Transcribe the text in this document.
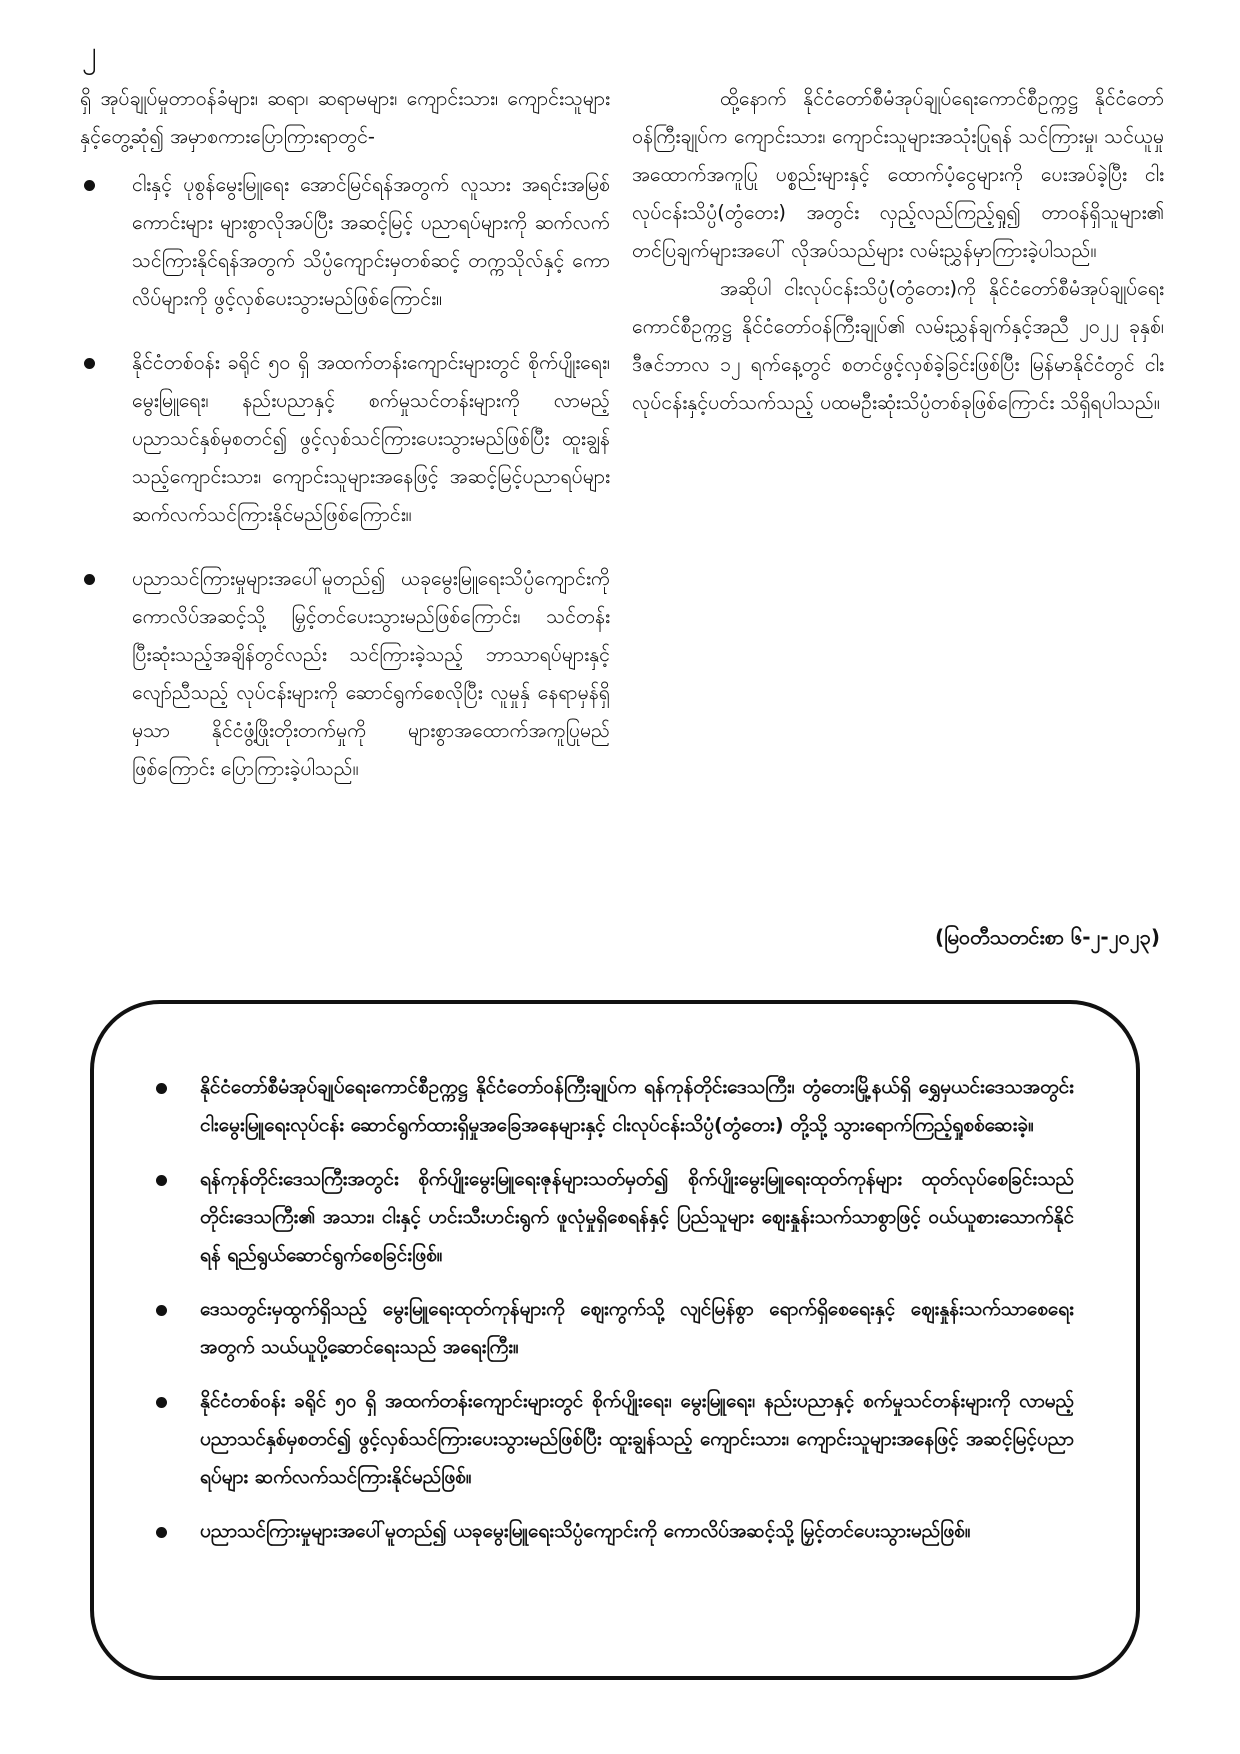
၂

ရှိ အုပ်ချုပ်မှုတာဝန်ခံများ၊ ဆရာ၊ ဆရာမများ၊ ကျောင်းသား၊ ကျောင်းသူများနှင့်တွေ့ဆုံ၍ အမှာစကားပြောကြားရာတွင်-

ငါးနှင့် ပုစွန်မွေးမြူရေး အောင်မြင်ရန်အတွက် လူသား အရင်းအမြစ်ကောင်းများ များစွာလိုအပ်ပြီး အဆင့်မြင့် ပညာရပ်များကို ဆက်လက်သင်ကြားနိုင်ရန်အတွက် သိပ္ပံကျောင်းမှတစ်ဆင့် တက္ကသိုလ်နှင့် ကောလိပ်များကို ဖွင့်လှစ်ပေးသွားမည်ဖြစ်ကြောင်း။
နိုင်ငံတစ်ဝန်း ခရိုင် ၅၀ ရှိ အထက်တန်းကျောင်းများတွင် စိုက်ပျိုးရေး၊ မွေးမြူရေး၊ နည်းပညာနှင့် စက်မှုသင်တန်းများကို လာမည့်ပညာသင်နှစ်မှစတင်၍ ဖွင့်လှစ်သင်ကြားပေးသွားမည်ဖြစ်ပြီး ထူးချွန်သည့်ကျောင်းသား၊ ကျောင်းသူများအနေဖြင့် အဆင့်မြင့်ပညာရပ်များ ဆက်လက်သင်ကြားနိုင်မည်ဖြစ်ကြောင်း။
ပညာသင်ကြားမှုများအပေါ်မူတည်၍ ယခုမွေးမြူရေးသိပ္ပံကျောင်းကို ကောလိပ်အဆင့်သို့ မြှင့်တင်ပေးသွားမည်ဖြစ်ကြောင်း၊ သင်တန်းပြီးဆုံးသည့်အချိန်တွင်လည်း သင်ကြားခဲ့သည့် ဘာသာရပ်များနှင့်လျော်ညီသည့် လုပ်ငန်းများကို ဆောင်ရွက်စေလိုပြီး လူမှုနှ် နေရာမှန်ရှိမှသာ နိုင်ငံဖွံ့ဖြိုးတိုးတက်မှုကို များစွာအထောက်အကူပြုမည်ဖြစ်ကြောင်း ပြောကြားခဲ့ပါသည်။

ထို့နောက် နိုင်ငံတော်စီမံအုပ်ချုပ်ရေးကောင်စီဥက္ကဋ္ဌ နိုင်ငံတော်ဝန်ကြီးချုပ်က ကျောင်းသား၊ ကျောင်းသူများအသုံးပြုရန် သင်ကြားမှု၊ သင်ယူမှုအထောက်အကူပြု ပစ္စည်းများနှင့် ထောက်ပံ့ငွေများကို ပေးအပ်ခဲ့ပြီး ငါးလုပ်ငန်းသိပ္ပံ(တွံတေး) အတွင်း လှည့်လည်ကြည့်ရှု၍ တာဝန်ရှိသူများ၏ တင်ပြချက်များအပေါ် လိုအပ်သည်များ လမ်းညွှန်မှာကြားခဲ့ပါသည်။

အဆိုပါ ငါးလုပ်ငန်းသိပ္ပံ(တွံတေး)ကို နိုင်ငံတော်စီမံအုပ်ချုပ်ရေးကောင်စီဥက္ကဋ္ဌ နိုင်ငံတော်ဝန်ကြီးချုပ်၏ လမ်းညွှန်ချက်နှင့်အညီ ၂၀၂၂ ခုနှစ်၊ ဒီဇင်ဘာလ ၁၂ ရက်နေ့တွင် စတင်ဖွင့်လှစ်ခဲ့ခြင်းဖြစ်ပြီး မြန်မာနိုင်ငံတွင် ငါးလုပ်ငန်းနှင့်ပတ်သက်သည့် ပထမဦးဆုံးသိပ္ပံတစ်ခုဖြစ်ကြောင်း သိရှိရပါသည်။

(မြဝတီသတင်းစာ ၆-၂-၂၀၂၃)
နိုင်ငံတော်စီမံအုပ်ချုပ်ရေးကောင်စီဥက္ကဋ္ဌ နိုင်ငံတော်ဝန်ကြီးချုပ်က ရန်ကုန်တိုင်းဒေသကြီး၊ တွံတေးမြို့နယ်ရှိ ရွှေမှယင်းဒေသအတွင်း ငါးမွေးမြူရေးလုပ်ငန်း ဆောင်ရွက်ထားရှိမှုအခြေအနေများနှင့် ငါးလုပ်ငန်းသိပ္ပံ(တွံတေး) တို့သို့ သွားရောက်ကြည့်ရှုစစ်ဆေးခဲ့။
ရန်ကုန်တိုင်းဒေသကြီးအတွင်း စိုက်ပျိုးမွေးမြူရေးဇုန်များသတ်မှတ်၍ စိုက်ပျိုးမွေးမြူရေးထုတ်ကုန်များ ထုတ်လုပ်စေခြင်းသည် တိုင်းဒေသကြီး၏ အသား၊ ငါးနှင့် ဟင်းသီးဟင်းရွက် ဖူလုံမှုရှိစေရန်နှင့် ပြည်သူများ ဈေးနှုန်းသက်သာစွာဖြင့် ဝယ်ယူစားသောက်နိုင်ရန် ရည်ရွယ်ဆောင်ရွက်စေခြင်းဖြစ်။
ဒေသတွင်းမှထွက်ရှိသည့် မွေးမြူရေးထုတ်ကုန်များကို ဈေးကွက်သို့ လျင်မြန်စွာ ရောက်ရှိစေရေးနှင့် ဈေးနှုန်းသက်သာစေရေးအတွက် သယ်ယူပို့ဆောင်ရေးသည် အရေးကြီး။
နိုင်ငံတစ်ဝန်း ခရိုင် ၅၀ ရှိ အထက်တန်းကျောင်းများတွင် စိုက်ပျိုးရေး၊ မွေးမြူရေး၊ နည်းပညာနှင့် စက်မှုသင်တန်းများကို လာမည့်ပညာသင်နှစ်မှစတင်၍ ဖွင့်လှစ်သင်ကြားပေးသွားမည်ဖြစ်ပြီး ထူးချွန်သည့် ကျောင်းသား၊ ကျောင်းသူများအနေဖြင့် အဆင့်မြင့်ပညာရပ်များ ဆက်လက်သင်ကြားနိုင်မည်ဖြစ်။
ပညာသင်ကြားမှုများအပေါ်မူတည်၍ ယခုမွေးမြူရေးသိပ္ပံကျောင်းကို ကောလိပ်အဆင့်သို့ မြှင့်တင်ပေးသွားမည်ဖြစ်။
